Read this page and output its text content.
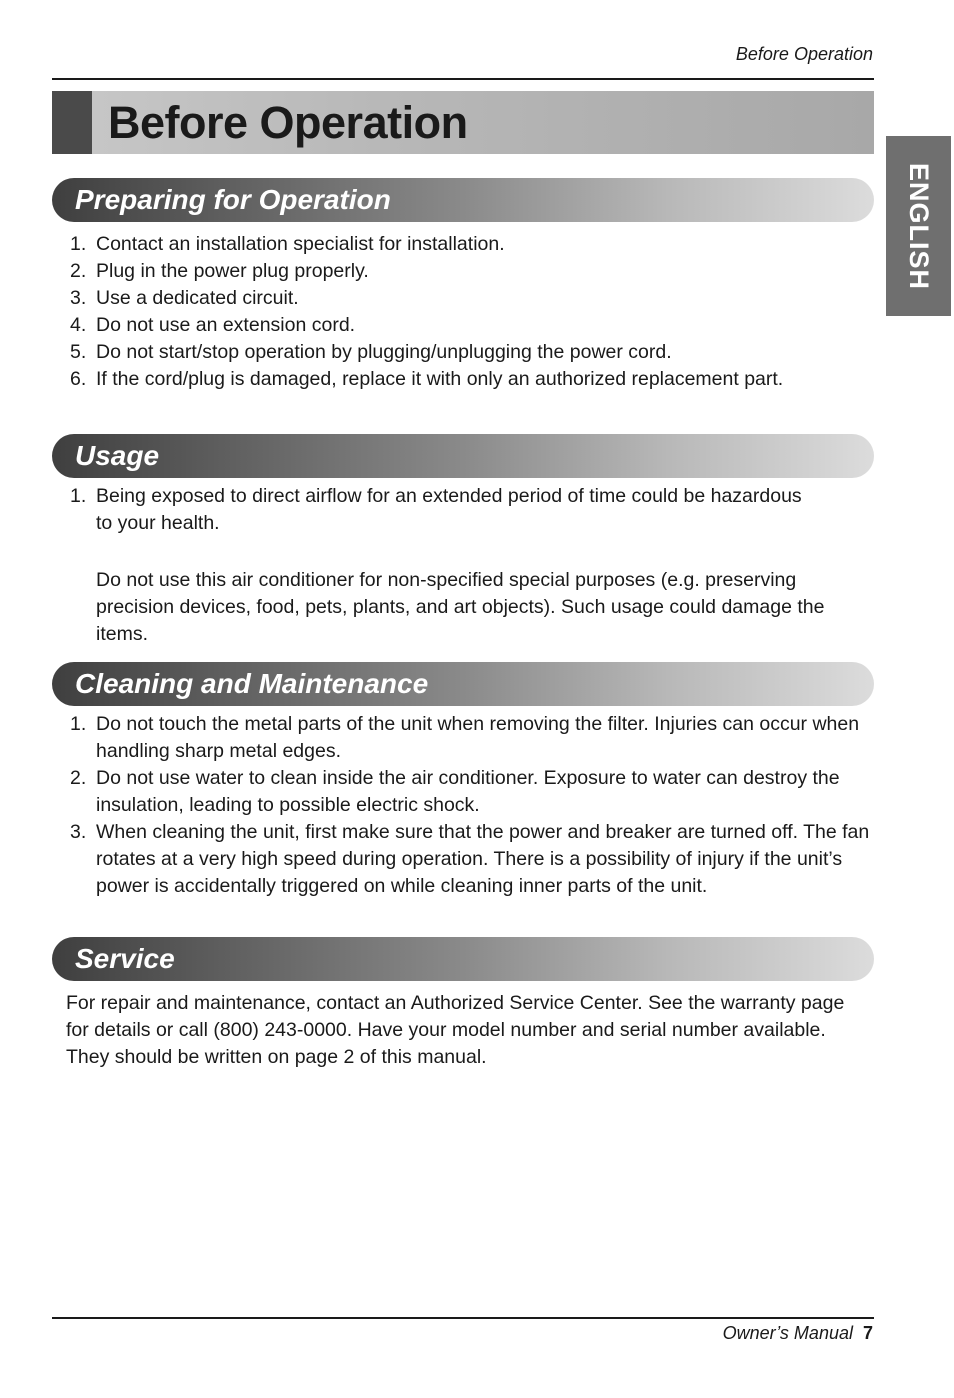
Before Operation
Before Operation
ENGLISH
Preparing for Operation
1. Contact an installation specialist for installation.
2. Plug in the power plug properly.
3. Use a dedicated circuit.
4. Do not use an extension cord.
5. Do not start/stop operation by plugging/unplugging the power cord.
6. If the cord/plug is damaged, replace it with only an authorized replacement part.
Usage
1. Being exposed to direct airflow for an extended period of time could be hazardous to your health.

Do not use this air conditioner for non-specified special purposes (e.g. preserving precision devices, food, pets, plants, and art objects). Such usage could damage the items.

Cleaning and Maintenance
1. Do not touch the metal parts of the unit when removing the filter. Injuries can occur when handling sharp metal edges.
2. Do not use water to clean inside the air conditioner. Exposure to water can destroy the insulation, leading to possible electric shock.
3. When cleaning the unit, first make sure that the power and breaker are turned off. The fan rotates at a very high speed during operation. There is a possibility of injury if the unit’s power is accidentally triggered on while cleaning inner parts of the unit.
Service

For repair and maintenance, contact an Authorized Service Center. See the warranty page for details or call (800) 243-0000. Have your model number and serial number available. They should be written on page 2 of this manual.

Owner’s Manual 7
